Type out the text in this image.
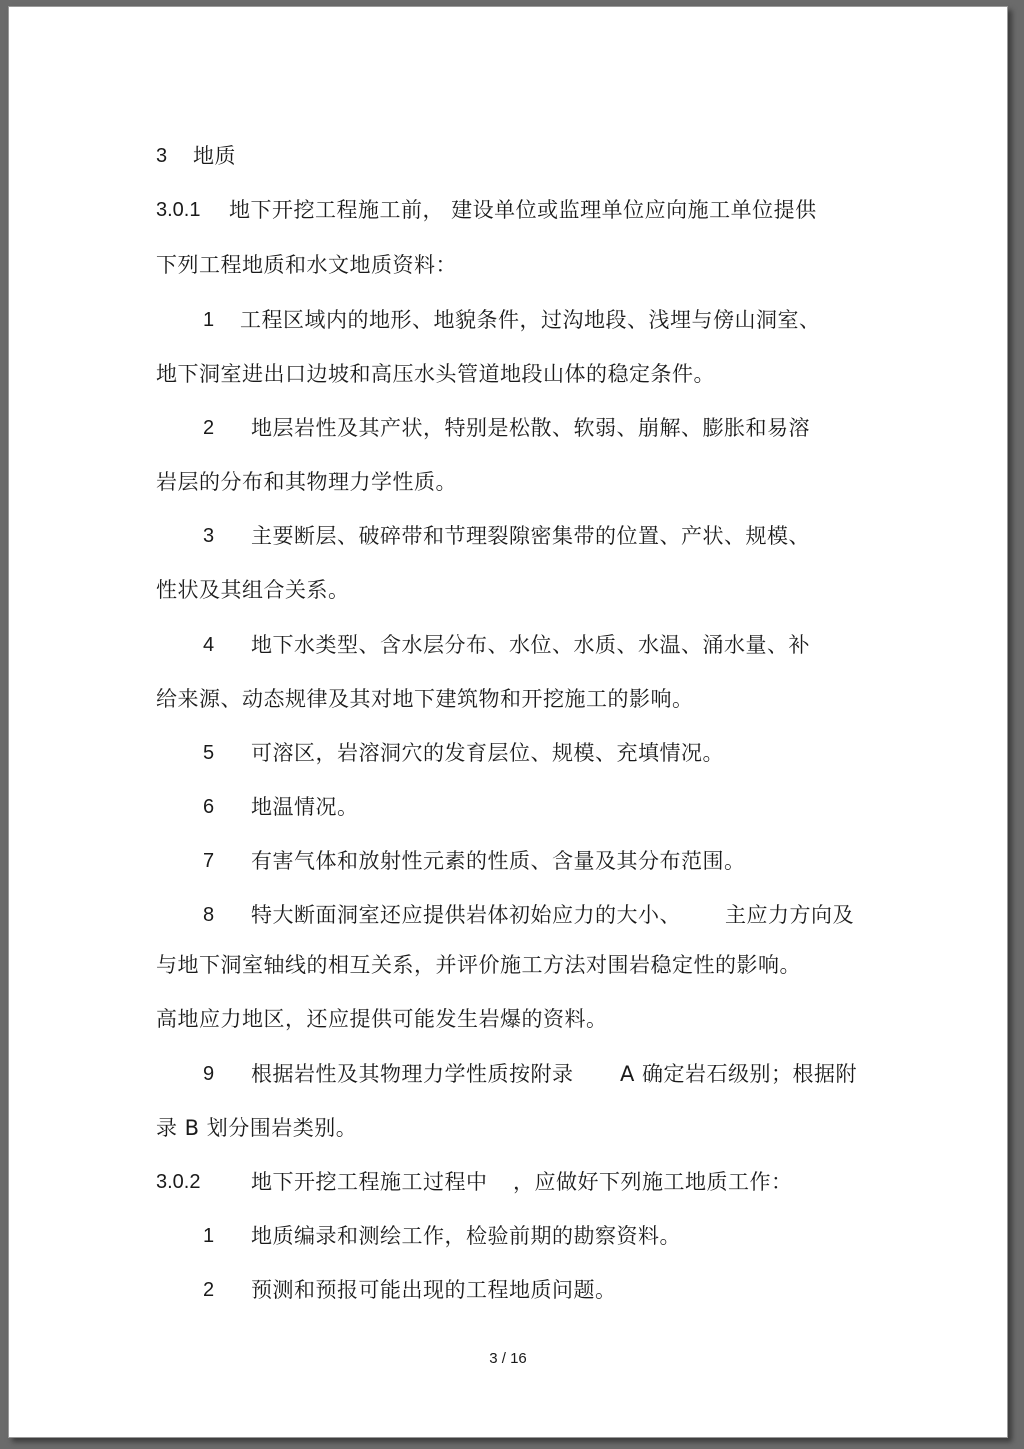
3 地质
3.0.1 地下开挖工程施工前， 建设单位或监理单位应向施工单位提供
下列工程地质和水文地质资料：
1 工程区域内的地形、地貌条件，过沟地段、浅埋与傍山洞室、
地下洞室进出口边坡和高压水头管道地段山体的稳定条件。
2 地层岩性及其产状，特别是松散、软弱、崩解、膨胀和易溶
岩层的分布和其物理力学性质。
3 主要断层、破碎带和节理裂隙密集带的位置、产状、规模、
性状及其组合关系。
4 地下水类型、含水层分布、水位、水质、水温、涌水量、补
给来源、动态规律及其对地下建筑物和开挖施工的影响。
5 可溶区，岩溶洞穴的发育层位、规模、充填情况。
6 地温情况。
7 有害气体和放射性元素的性质、含量及其分布范围。
8 特大断面洞室还应提供岩体初始应力的大小、 主应力方向及
与地下洞室轴线的相互关系，并评价施工方法对围岩稳定性的影响。
高地应力地区，还应提供可能发生岩爆的资料。
9 根据岩性及其物理力学性质按附录 A 确定岩石级别；根据附
录 B 划分围岩类别。
3.0.2 地下开挖工程施工过程中 ，应做好下列施工地质工作：
1 地质编录和测绘工作，检验前期的勘察资料。
2 预测和预报可能出现的工程地质问题。
3 / 16
